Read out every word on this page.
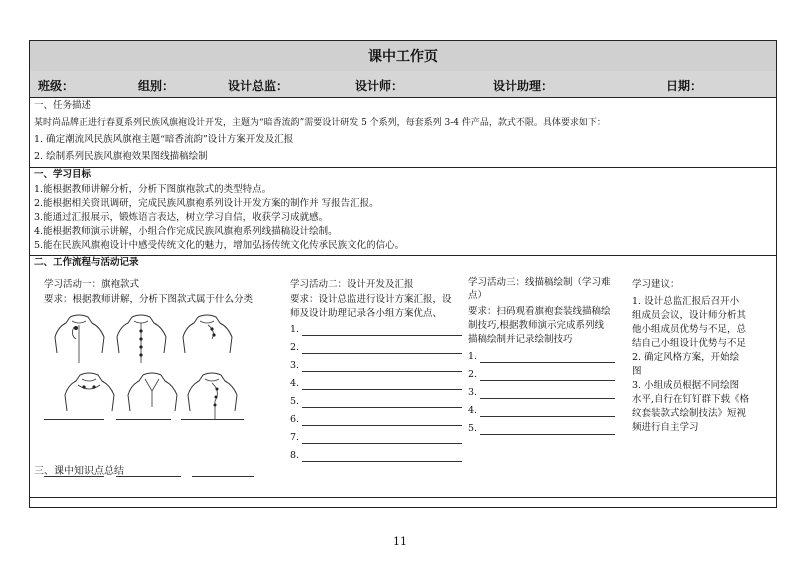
课中工作页
班级：	组别：	设计总监：	设计师：	设计助理：	日期：
一、任务描述
某时尚品牌正进行春夏系列民族风旗袍设计开发，主题为“暗香流韵”需要设计研发 5 个系列，每套系列 3-4 件产品，款式不限。具体要求如下：
1. 确定潮流风民族风旗袍主题“暗香流韵”设计方案开发及汇报
2. 绘制系列民族风旗袍效果图线描稿绘制
一、学习目标
1.能根据教师讲解分析，分析下图旗袍款式的类型特点。
2.能根据相关资讯调研，完成民族风旗袍系列设计开发方案的制作并 写报告汇报。
3.能通过汇报展示，锻炼语言表达，树立学习自信，收获学习成就感。
4.能根据教师演示讲解，小组合作完成民族风旗袍系列线描稿设计绘制。
5.能在民族风旗袍设计中感受传统文化的魅力，增加弘扬传统文化传承民族文化的信心。
二、工作流程与活动记录
学习活动一：旗袍款式
要求：根据教师讲解，分析下图款式属于什么分类
学习活动二：设计开发及汇报
要求：设计总监进行设计方案汇报，设
师及设计助理记录各小组方案优点、
1.
2.
3.
4.
5.
6.
7.
8.
学习活动三：线描稿绘制（学习难
点）
要求：扫码观看旗袍套装线描稿绘
制技巧,根据教师演示完成系列线
描稿绘制并记录绘制技巧
1.
2.
3.
4.
5.
学习建议：
1. 设计总监汇报后召开小
组成员会议，设计师分析其
他小组成员优势与不足，总
结自己小组设计优势与不足
2. 确定风格方案，开始绘
图
3. 小组成员根据不同绘图
水平,自行在钉钉群下载《格
纹套装款式绘制技法》短视
频进行自主学习
三、课中知识点总结
11
